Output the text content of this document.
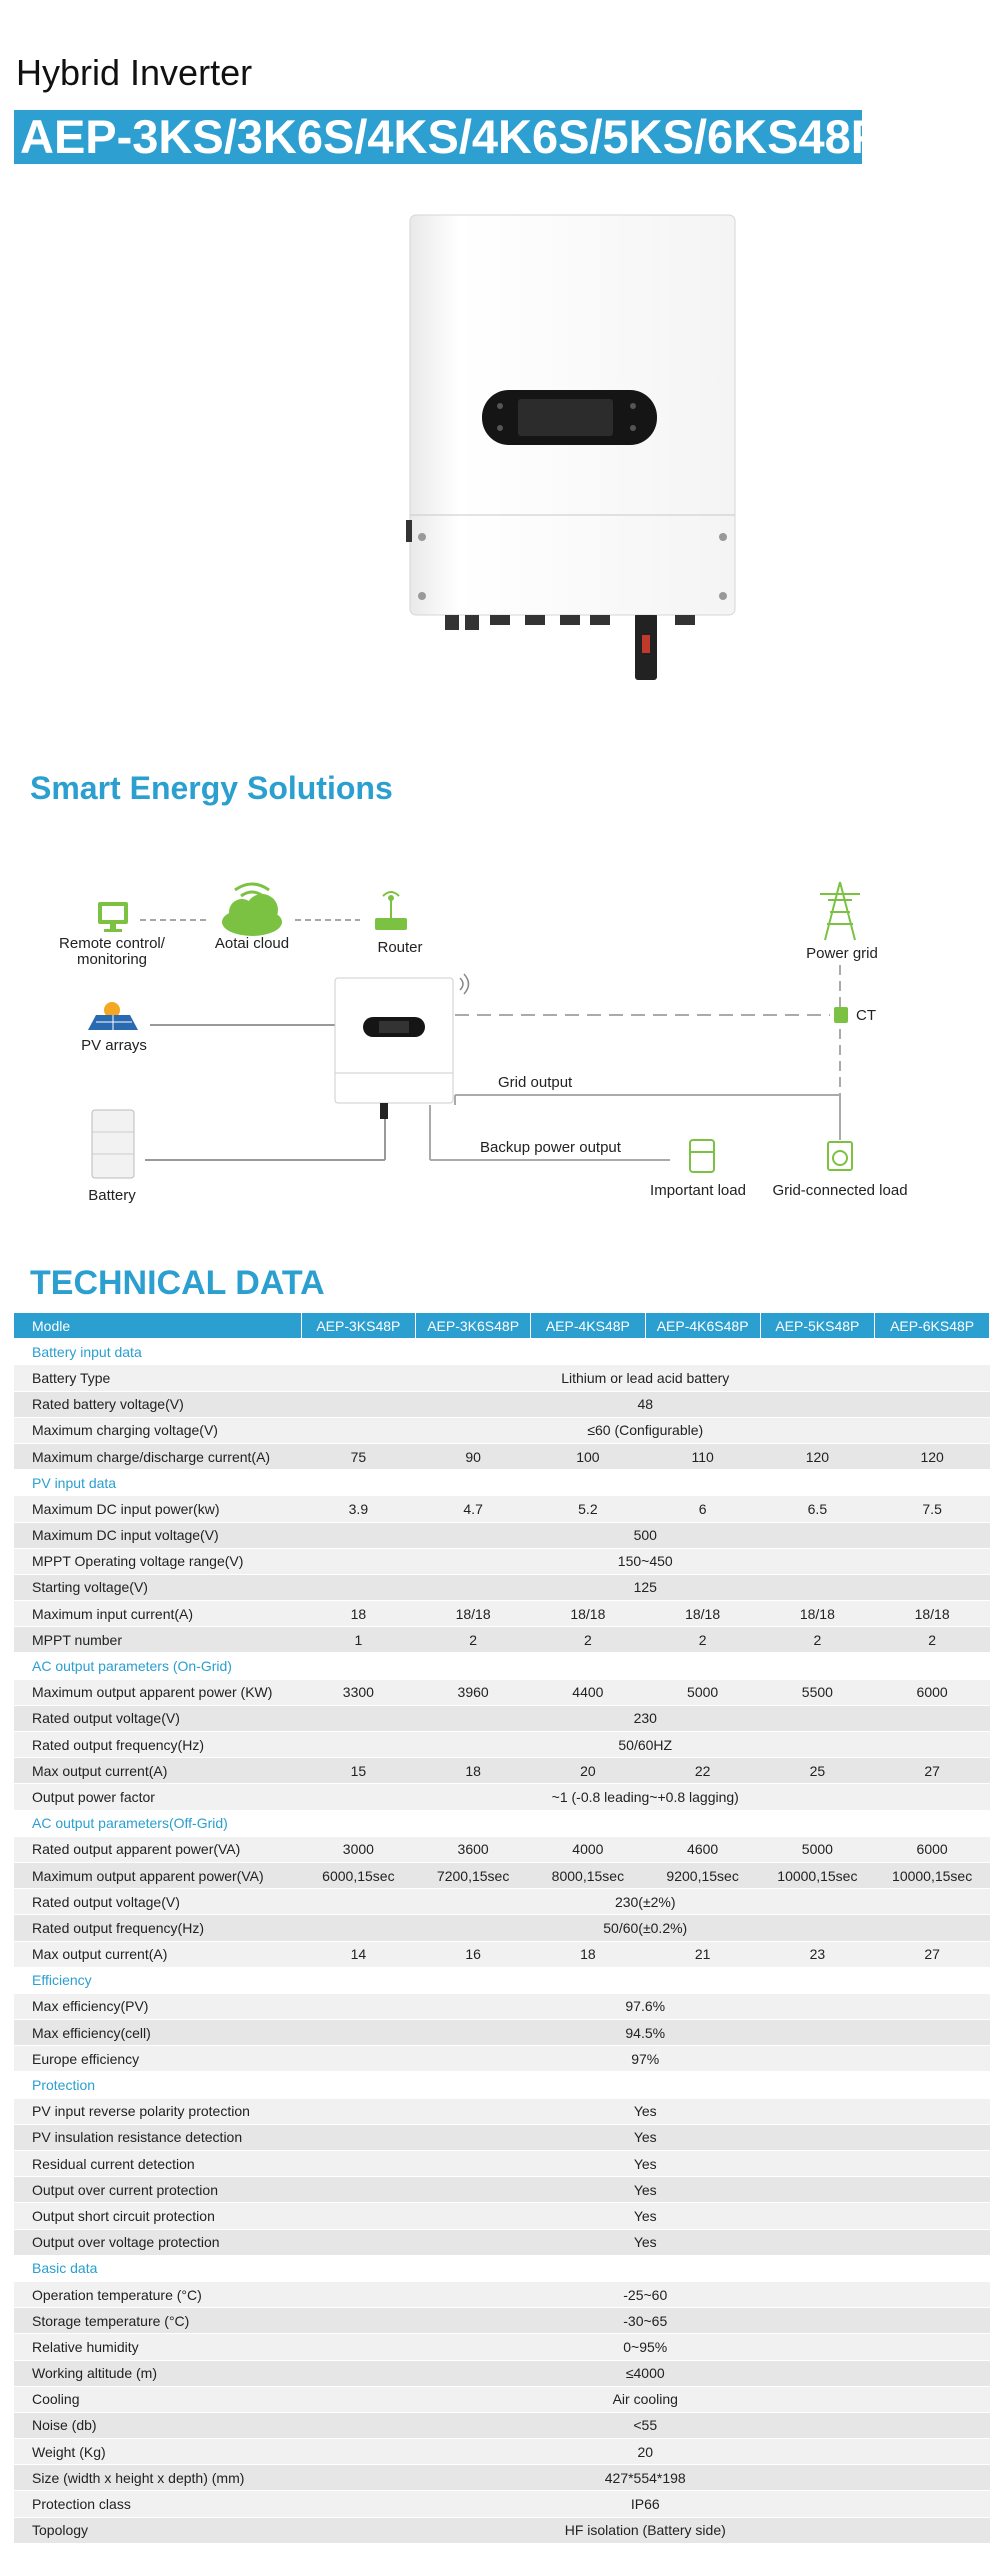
Hybrid Inverter
AEP-3KS/3K6S/4KS/4K6S/5KS/6KS48P
Smart Energy Solutions
Remote control/
monitoring
Aotai cloud	Router	Power grid
CT
PV arrays
Grid output
Backup power output
Battery	Important load Grid-connected load
TECHNICAL DATA
Modle	AEP-3KS48P	AEP-3K6S48P	AEP-4KS48P	AEP-4K6S48P	AEP-5KS48P	AEP-6KS48P
Battery input data						
Battery Type	Lithium or lead acid battery					
Rated battery voltage(V)	48					
Maximum charging voltage(V)	≤60 (Configurable)					
Maximum charge/discharge current(A)	75	90	100	110	120	120
PV input data						
Maximum DC input power(kw)	3.9	4.7	5.2	6	6.5	7.5
Maximum DC input voltage(V)	500					
MPPT Operating voltage range(V)	150~450					
Starting voltage(V)	125					
Maximum input current(A)	18	18/18	18/18	18/18	18/18	18/18
MPPT number	1	2	2	2	2	2
AC output parameters (On-Grid)						
Maximum output apparent power (KW)	3300	3960	4400	5000	5500	6000
Rated output voltage(V)	230					
Rated output frequency(Hz)	50/60HZ					
Max output current(A)	15	18	20	22	25	27
Output power factor	~1 (-0.8 leading~+0.8 lagging)					
AC output parameters(Off-Grid)						
Rated output apparent power(VA)	3000	3600	4000	4600	5000	6000
Maximum output apparent power(VA)	6000,15sec	7200,15sec	8000,15sec	9200,15sec	10000,15sec	10000,15sec
Rated output voltage(V)	230(±2%)					
Rated output frequency(Hz)	50/60(±0.2%)					
Max output current(A)	14	16	18	21	23	27
Efficiency						
Max efficiency(PV)	97.6%					
Max efficiency(cell)	94.5%					
Europe efficiency	97%					
Protection						
PV input reverse polarity protection	Yes					
PV insulation resistance detection	Yes					
Residual current detection	Yes					
Output over current protection	Yes					
Output short circuit protection	Yes					
Output over voltage protection	Yes					
Basic data						
Operation temperature (°C)	-25~60					
Storage temperature (°C)	-30~65					
Relative humidity	0~95%					
Working altitude (m)	≤4000					
Cooling	Air cooling					
Noise (db)	<55					
Weight (Kg)	20					
Size (width x height x depth) (mm)	427*554*198					
Protection class	IP66					
Topology	HF isolation (Battery side)					
